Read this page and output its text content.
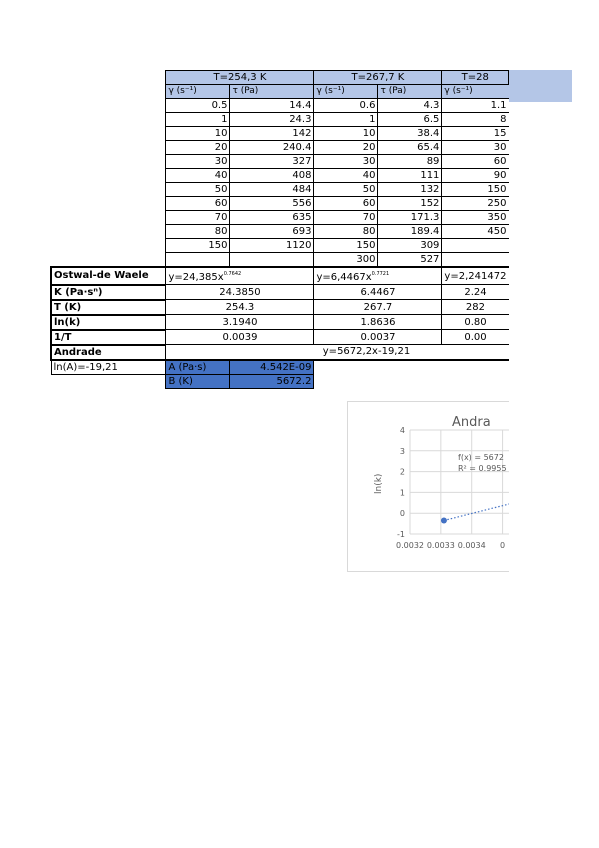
	T=254,3 K		T=267,7 K		T=28
	γ (s⁻¹)	τ (Pa)	γ (s⁻¹)	τ (Pa)	γ (s⁻¹)
	0.5	14.4	0.6	4.3	1.1
	1	24.3	1	6.5	8
	10	142	10	38.4	15
	20	240.4	20	65.4	30
	30	327	30	89	60
	40	408	40	111	90
	50	484	50	132	150
	60	556	60	152	250
	70	635	70	171.3	350
	80	693	80	189.4	450
	150	1120	150	309	
			300	527	
Ostwal-de Waele	$y=24,385x^{0.7642}$		$y=6,4467x^{0.7721}$		y=2,241472
K (Pa·sⁿ)	24.3850		6.4467		2.24
T (K)	254.3		267.7		282
ln(k)	3.1940		1.8636		0.80
1/T	0.0039		0.0037		0.00
Andrade	y=5672,2x-19,21				
ln(A)=-19,21	A (Pa·s)	4.542E-09			
	B (K)	5672.2			
Andra
4
3
2
1
0
-1
0.0032 0.0033 0.0034 0
ln(k)
f(x) = 5672
R² = 0.9955
